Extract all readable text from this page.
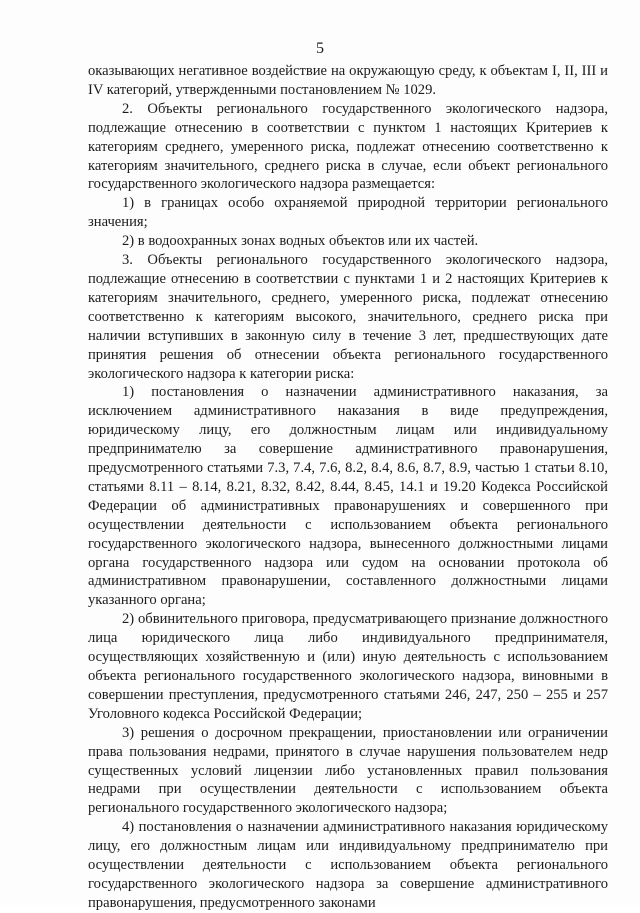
5

оказывающих негативное воздействие на окружающую среду, к объектам I, II, III и IV категорий, утвержденными постановлением № 1029.

2. Объекты регионального государственного экологического надзора, подлежащие отнесению в соответствии с пунктом 1 настоящих Критериев к категориям среднего, умеренного риска, подлежат отнесению соответственно к категориям значительного, среднего риска в случае, если объект регионального государственного экологического надзора размещается:

1) в границах особо охраняемой природной территории регионального значения;

2) в водоохранных зонах водных объектов или их частей.

3. Объекты регионального государственного экологического надзора, подлежащие отнесению в соответствии с пунктами 1 и 2 настоящих Критериев к категориям значительного, среднего, умеренного риска, подлежат отнесению соответственно к категориям высокого, значительного, среднего риска при наличии вступивших в законную силу в течение 3 лет, предшествующих дате принятия решения об отнесении объекта регионального государственного экологического надзора к категории риска:

1) постановления о назначении административного наказания, за исключением административного наказания в виде предупреждения, юридическому лицу, его должностным лицам или индивидуальному предпринимателю за совершение административного правонарушения, предусмотренного статьями 7.3, 7.4, 7.6, 8.2, 8.4, 8.6, 8.7, 8.9, частью 1 статьи 8.10, статьями 8.11 – 8.14, 8.21, 8.32, 8.42, 8.44, 8.45, 14.1 и 19.20 Кодекса Российской Федерации об административных правонарушениях и совершенного при осуществлении деятельности с использованием объекта регионального государственного экологического надзора, вынесенного должностными лицами органа государственного надзора или судом на основании протокола об административном правонарушении, составленного должностными лицами указанного органа;

2) обвинительного приговора, предусматривающего признание должностного лица юридического лица либо индивидуального предпринимателя, осуществляющих хозяйственную и (или) иную деятельность с использованием объекта регионального государственного экологического надзора, виновными в совершении преступления, предусмотренного статьями 246, 247, 250 – 255 и 257 Уголовного кодекса Российской Федерации;

3) решения о досрочном прекращении, приостановлении или ограничении права пользования недрами, принятого в случае нарушения пользователем недр существенных условий лицензии либо установленных правил пользования недрами при осуществлении деятельности с использованием объекта регионального государственного экологического надзора;

4) постановления о назначении административного наказания юридическому лицу, его должностным лицам или индивидуальному предпринимателю при осуществлении деятельности с использованием объекта регионального государственного экологического надзора за совершение административного правонарушения, предусмотренного законами
